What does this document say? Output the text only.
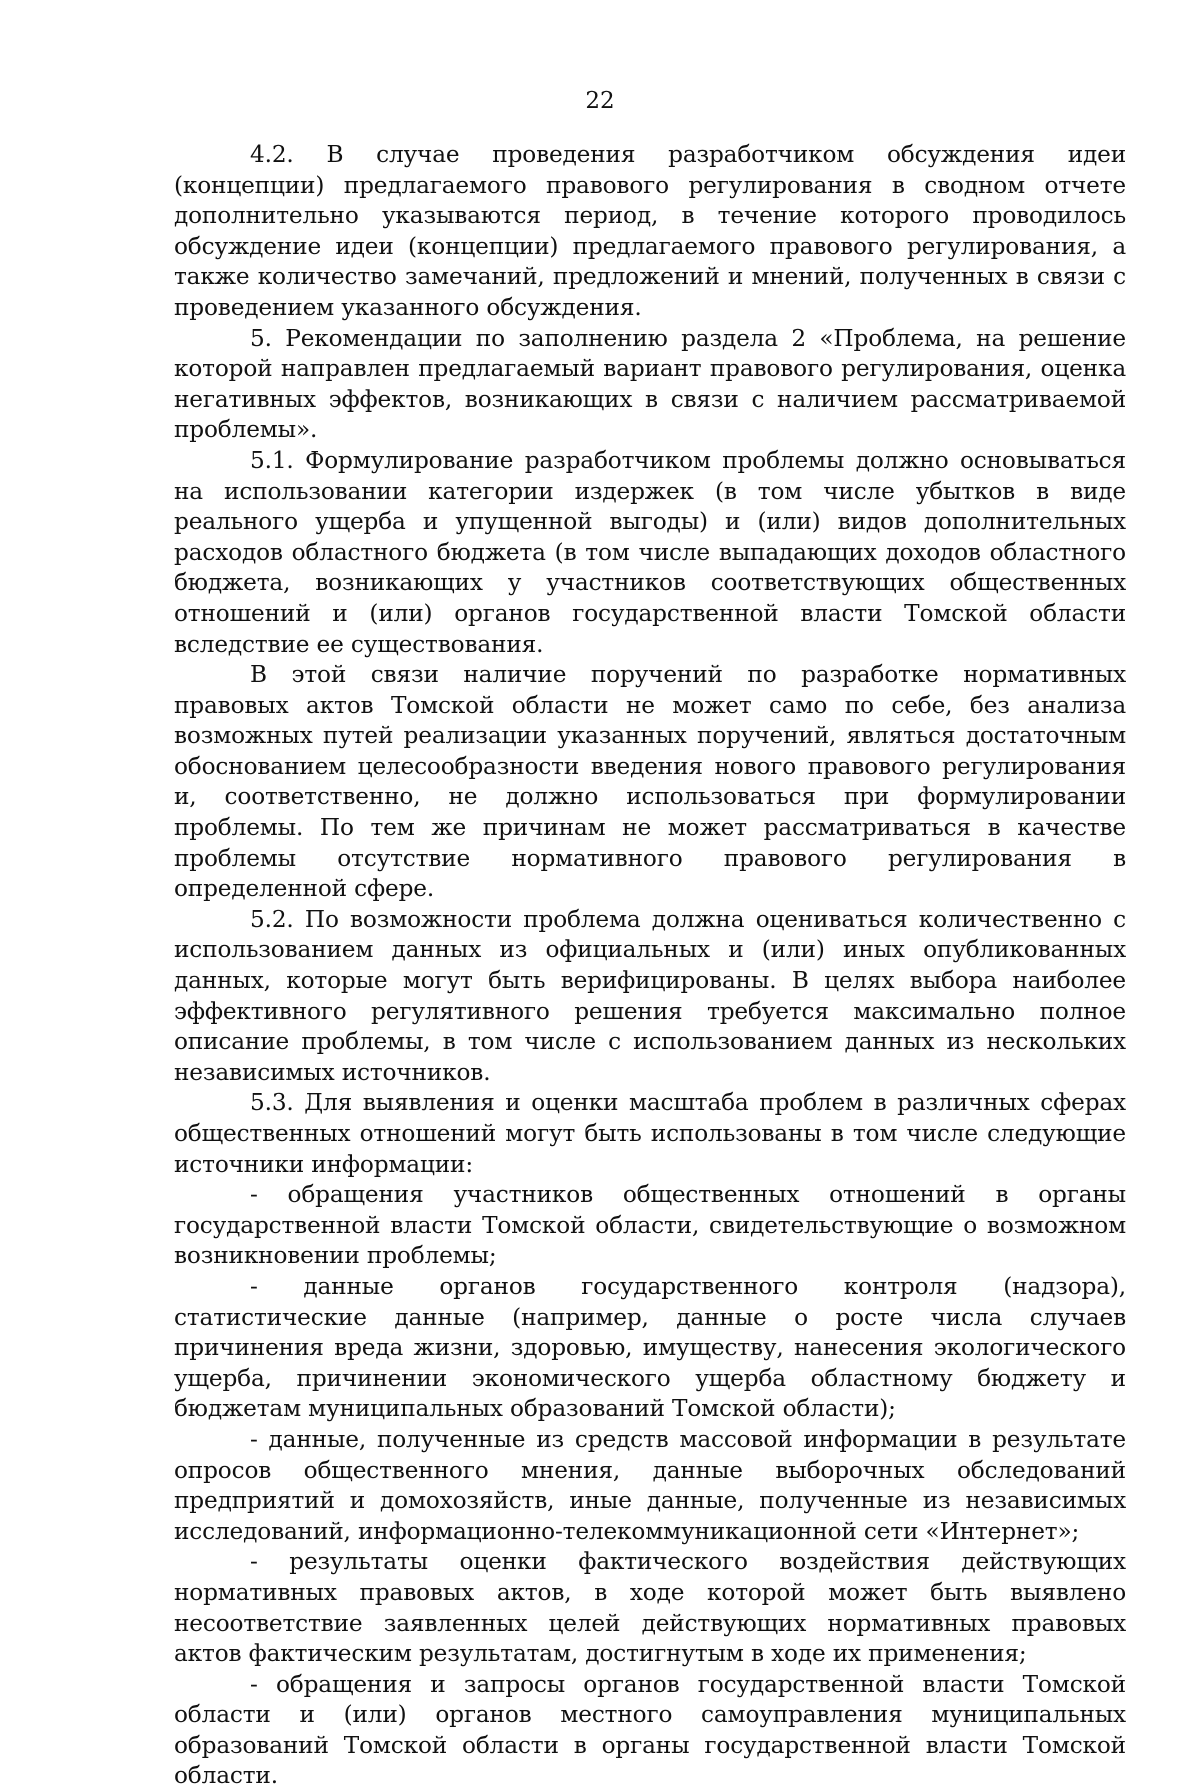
22

4.2. В случае проведения разработчиком обсуждения идеи (концепции) предлагаемого правового регулирования в сводном отчете дополнительно указываются период, в течение которого проводилось обсуждение идеи (концепции) предлагаемого правового регулирования, а также количество замечаний, предложений и мнений, полученных в связи с проведением указанного обсуждения.

5. Рекомендации по заполнению раздела 2 «Проблема, на решение которой направлен предлагаемый вариант правового регулирования, оценка негативных эффектов, возникающих в связи с наличием рассматриваемой проблемы».

5.1. Формулирование разработчиком проблемы должно основываться на использовании категории издержек (в том числе убытков в виде реального ущерба и упущенной выгоды) и (или) видов дополнительных расходов областного бюджета (в том числе выпадающих доходов областного бюджета, возникающих у участников соответствующих общественных отношений и (или) органов государственной власти Томской области вследствие ее существования.

В этой связи наличие поручений по разработке нормативных правовых актов Томской области не может само по себе, без анализа возможных путей реализации указанных поручений, являться достаточным обоснованием целесообразности введения нового правового регулирования и, соответственно, не должно использоваться при формулировании проблемы. По тем же причинам не может рассматриваться в качестве проблемы отсутствие нормативного правового регулирования в определенной сфере.

5.2. По возможности проблема должна оцениваться количественно с использованием данных из официальных и (или) иных опубликованных данных, которые могут быть верифицированы. В целях выбора наиболее эффективного регулятивного решения требуется максимально полное описание проблемы, в том числе с использованием данных из нескольких независимых источников.

5.3. Для выявления и оценки масштаба проблем в различных сферах общественных отношений могут быть использованы в том числе следующие источники информации:

- обращения участников общественных отношений в органы государственной власти Томской области, свидетельствующие о возможном возникновении проблемы;

- данные органов государственного контроля (надзора), статистические данные (например, данные о росте числа случаев причинения вреда жизни, здоровью, имуществу, нанесения экологического ущерба, причинении экономического ущерба областному бюджету и бюджетам муниципальных образований Томской области);

- данные, полученные из средств массовой информации в результате опросов общественного мнения, данные выборочных обследований предприятий и домохозяйств, иные данные, полученные из независимых исследований, информационно-телекоммуникационной сети «Интернет»;

- результаты оценки фактического воздействия действующих нормативных правовых актов, в ходе которой может быть выявлено несоответствие заявленных целей действующих нормативных правовых актов фактическим результатам, достигнутым в ходе их применения;

- обращения и запросы органов государственной власти Томской области и (или) органов местного самоуправления муниципальных образований Томской области в органы государственной власти Томской области.
